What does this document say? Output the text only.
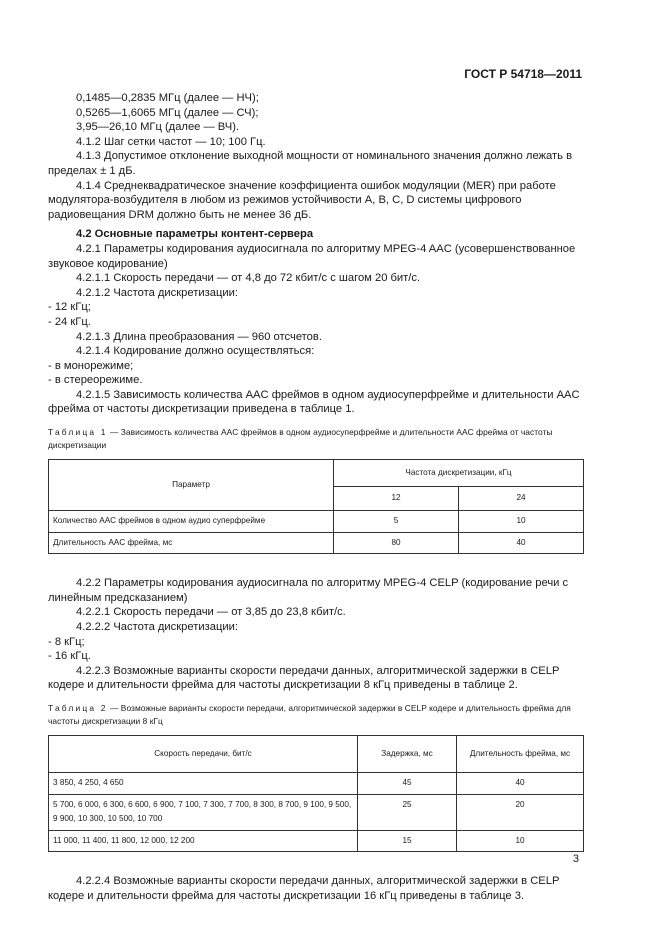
ГОСТ Р 54718—2011

0,1485—0,2835 МГц (далее — НЧ);

0,5265—1,6065 МГц (далее — СЧ);

3,95—26,10 МГц (далее — ВЧ).

4.1.2 Шаг сетки частот — 10; 100 Гц.

4.1.3 Допустимое отклонение выходной мощности от номинального значения должно лежать в пределах ± 1 дБ.

4.1.4 Среднеквадратическое значение коэффициента ошибок модуляции (MER) при работе модулятора-возбудителя в любом из режимов устойчивости A, B, C, D системы цифрового радиовещания DRM должно быть не менее 36 дБ.

4.2 Основные параметры контент-сервера

4.2.1 Параметры кодирования аудиосигнала по алгоритму MPEG-4 AAC (усовершенствованное звуковое кодирование)

4.2.1.1 Скорость передачи — от 4,8 до 72 кбит/с с шагом 20 бит/с.

4.2.1.2 Частота дискретизации:

- 12 кГц;

- 24 кГц.

4.2.1.3 Длина преобразования — 960 отсчетов.

4.2.1.4 Кодирование должно осуществляться:

- в монорежиме;

- в стереорежиме.

4.2.1.5 Зависимость количества AAC фреймов в одном аудиосуперфрейме и длительности AAC фрейма от частоты дискретизации приведена в таблице 1.

Таблица 1 — Зависимость количества AAC фреймов в одном аудиосуперфрейме и длительности AAC фрейма от частоты дискретизации

Параметр	Частота дискретизации, кГц	
	12	24
Количество AAC фреймов в одном аудио суперфрейме	5	10
Длительность AAC фрейма, мс	80	40

4.2.2 Параметры кодирования аудиосигнала по алгоритму MPEG-4 CELP (кодирование речи с линейным предсказанием)

4.2.2.1 Скорость передачи — от 3,85 до 23,8 кбит/с.

4.2.2.2 Частота дискретизации:

- 8 кГц;

- 16 кГц.

4.2.2.3 Возможные варианты скорости передачи данных, алгоритмической задержки в CELP кодере и длительности фрейма для частоты дискретизации 8 кГц приведены в таблице 2.

Таблица 2 — Возможные варианты скорости передачи, алгоритмической задержки в CELP кодере и длительность фрейма для частоты дискретизации 8 кГц

Скорость передачи, бит/с	Задержка, мс	Длительность фрейма, мс
3 850, 4 250, 4 650	45	40
5 700, 6 000, 6 300, 6 600, 6 900, 7 100, 7 300, 7 700, 8 300, 8 700, 9 100, 9 500, 9 900, 10 300, 10 500, 10 700	25	20
11 000, 11 400, 11 800, 12 000, 12 200	15	10

4.2.2.4 Возможные варианты скорости передачи данных, алгоритмической задержки в CELP кодере и длительности фрейма для частоты дискретизации 16 кГц приведены в таблице 3.

3
